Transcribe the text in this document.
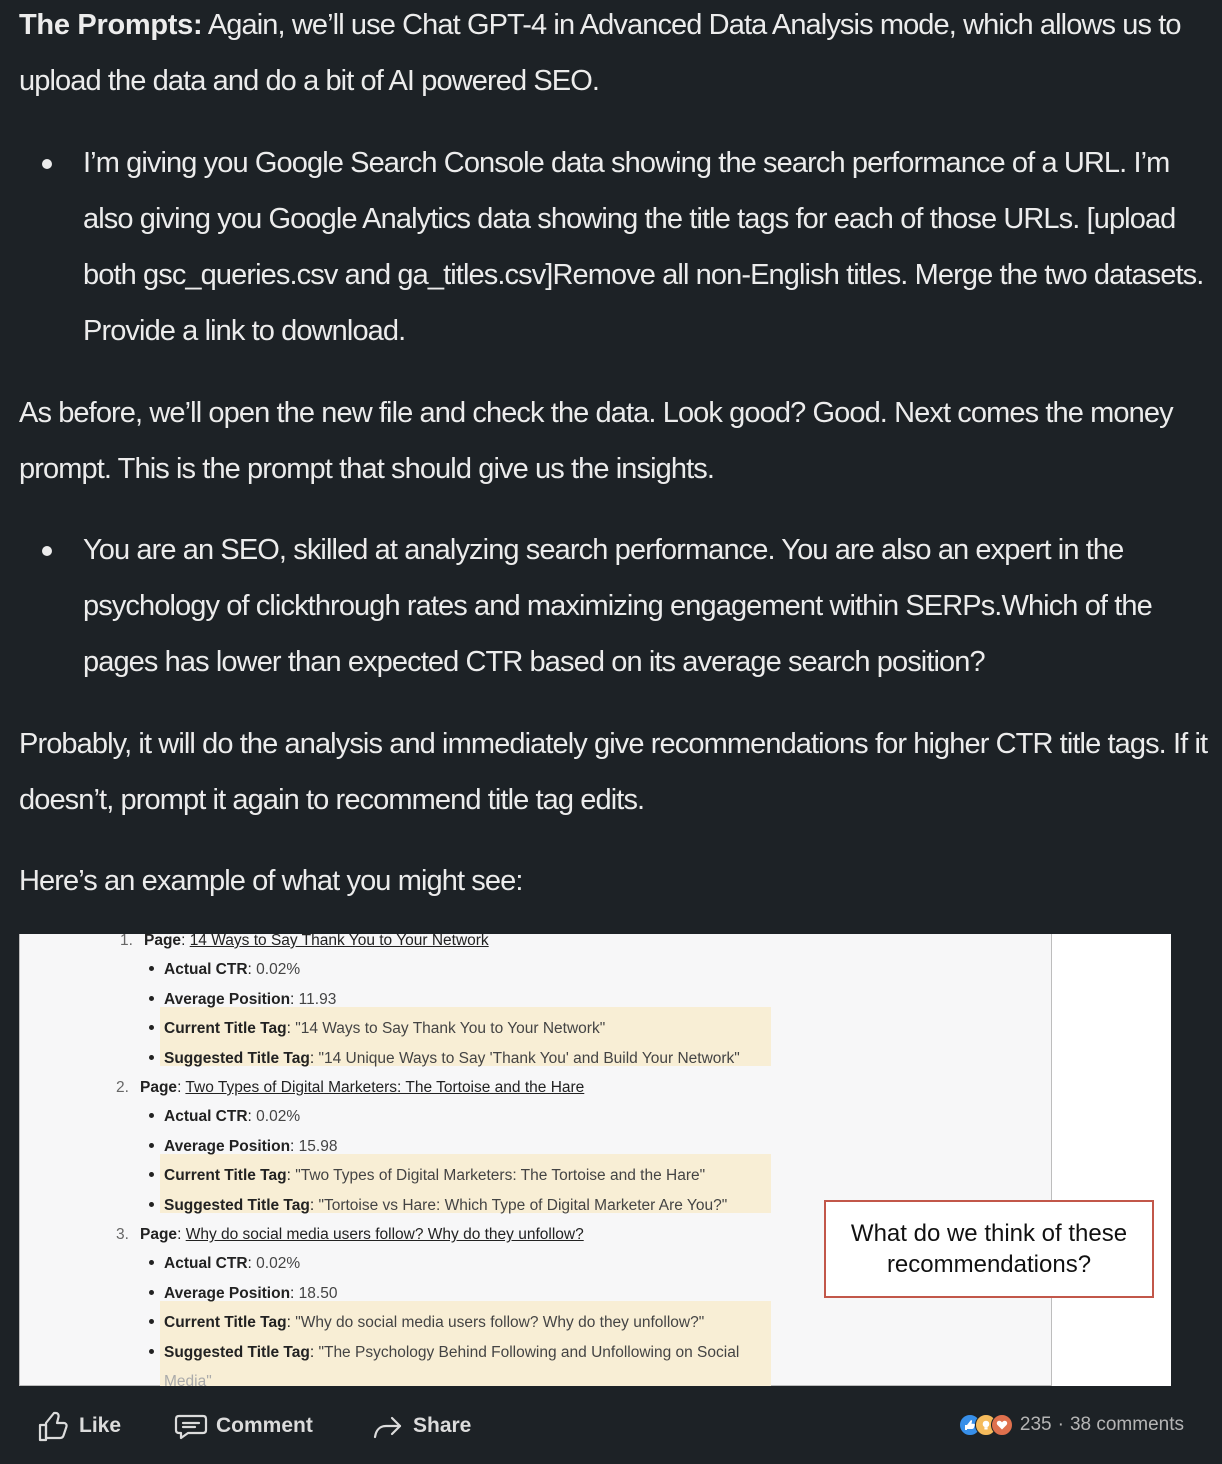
The Prompts: Again, we’ll use Chat GPT-4 in Advanced Data Analysis mode, which allows us to upload the data and do a bit of AI powered SEO.

I’m giving you Google Search Console data showing the search performance of a URL. I’m also giving you Google Analytics data showing the title tags for each of those URLs. [upload both gsc_queries.csv and ga_titles.csv]Remove all non-English titles. Merge the two datasets. Provide a link to download.

As before, we’ll open the new file and check the data. Look good? Good. Next comes the money prompt. This is the prompt that should give us the insights.

You are an SEO, skilled at analyzing search performance. You are also an expert in the psychology of clickthrough rates and maximizing engagement within SERPs.Which of the pages has lower than expected CTR based on its average search position?

Probably, it will do the analysis and immediately give recommendations for higher CTR title tags. If it doesn’t, prompt it again to recommend title tag edits.

Here’s an example of what you might see:

1. Page: 14 Ways to Say Thank You to Your Network
Actual CTR: 0.02%
Average Position: 11.93
Current Title Tag: "14 Ways to Say Thank You to Your Network"
Suggested Title Tag: "14 Unique Ways to Say 'Thank You' and Build Your Network"
2. Page: Two Types of Digital Marketers: The Tortoise and the Hare
Actual CTR: 0.02%
Average Position: 15.98
Current Title Tag: "Two Types of Digital Marketers: The Tortoise and the Hare"
Suggested Title Tag: "Tortoise vs Hare: Which Type of Digital Marketer Are You?"
3. Page: Why do social media users follow? Why do they unfollow?
Actual CTR: 0.02%
Average Position: 18.50
Current Title Tag: "Why do social media users follow? Why do they unfollow?"
Suggested Title Tag: "The Psychology Behind Following and Unfollowing on Social
Media"
What do we think of these recommendations?
Like	Comment	Share	235 · 38 comments
